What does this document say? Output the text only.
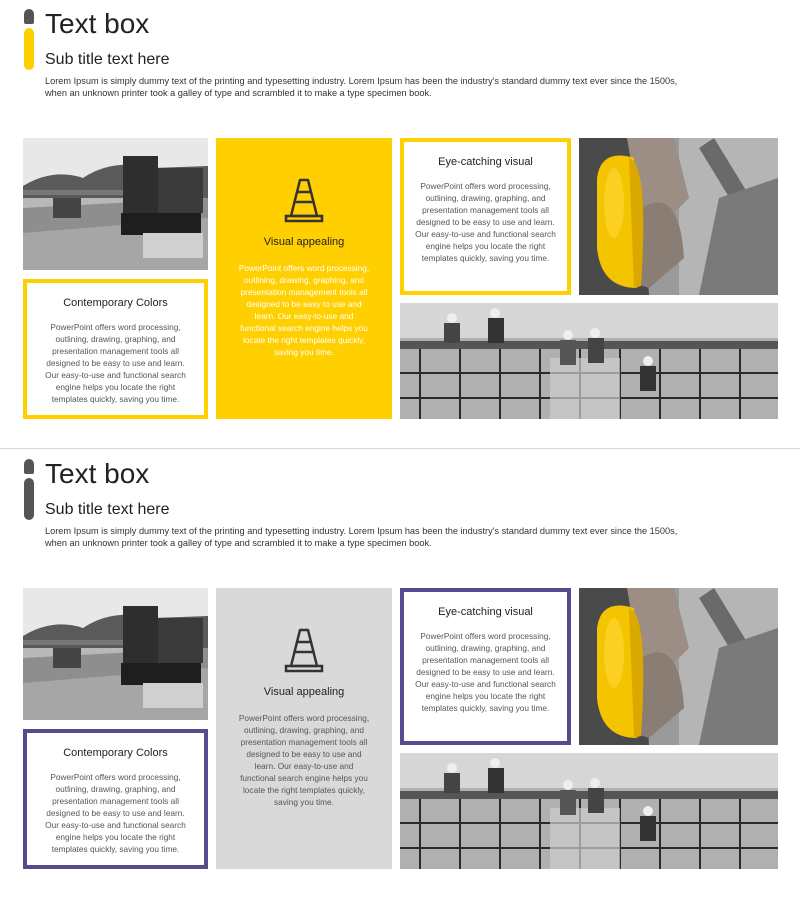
Text box
Sub title text here
Lorem Ipsum is simply dummy text of the printing and typesetting industry. Lorem Ipsum has been the industry's standard dummy text ever since the 1500s, when an unknown printer took a galley of type and scrambled it to make a type specimen book.
Contemporary Colors

PowerPoint offers word processing, outlining, drawing, graphing, and presentation management tools all designed to be easy to use and learn. Our easy-to-use and functional search engine helps you locate the right templates quickly, saving you time.

Visual appealing

PowerPoint offers word processing, outlining, drawing, graphing, and presentation management tools all designed to be easy to use and learn. Our easy-to-use and functional search engine helps you locate the right templates quickly, saving you time.

Eye-catching visual

PowerPoint offers word processing, outlining, drawing, graphing, and presentation management tools all designed to be easy to use and learn. Our easy-to-use and functional search engine helps you locate the right templates quickly, saving you time.

Text box
Sub title text here
Lorem Ipsum is simply dummy text of the printing and typesetting industry. Lorem Ipsum has been the industry's standard dummy text ever since the 1500s, when an unknown printer took a galley of type and scrambled it to make a type specimen book.
Contemporary Colors

PowerPoint offers word processing, outlining, drawing, graphing, and presentation management tools all designed to be easy to use and learn. Our easy-to-use and functional search engine helps you locate the right templates quickly, saving you time.

Visual appealing

PowerPoint offers word processing, outlining, drawing, graphing, and presentation management tools all designed to be easy to use and learn. Our easy-to-use and functional search engine helps you locate the right templates quickly, saving you time.

Eye-catching visual

PowerPoint offers word processing, outlining, drawing, graphing, and presentation management tools all designed to be easy to use and learn. Our easy-to-use and functional search engine helps you locate the right templates quickly, saving you time.
